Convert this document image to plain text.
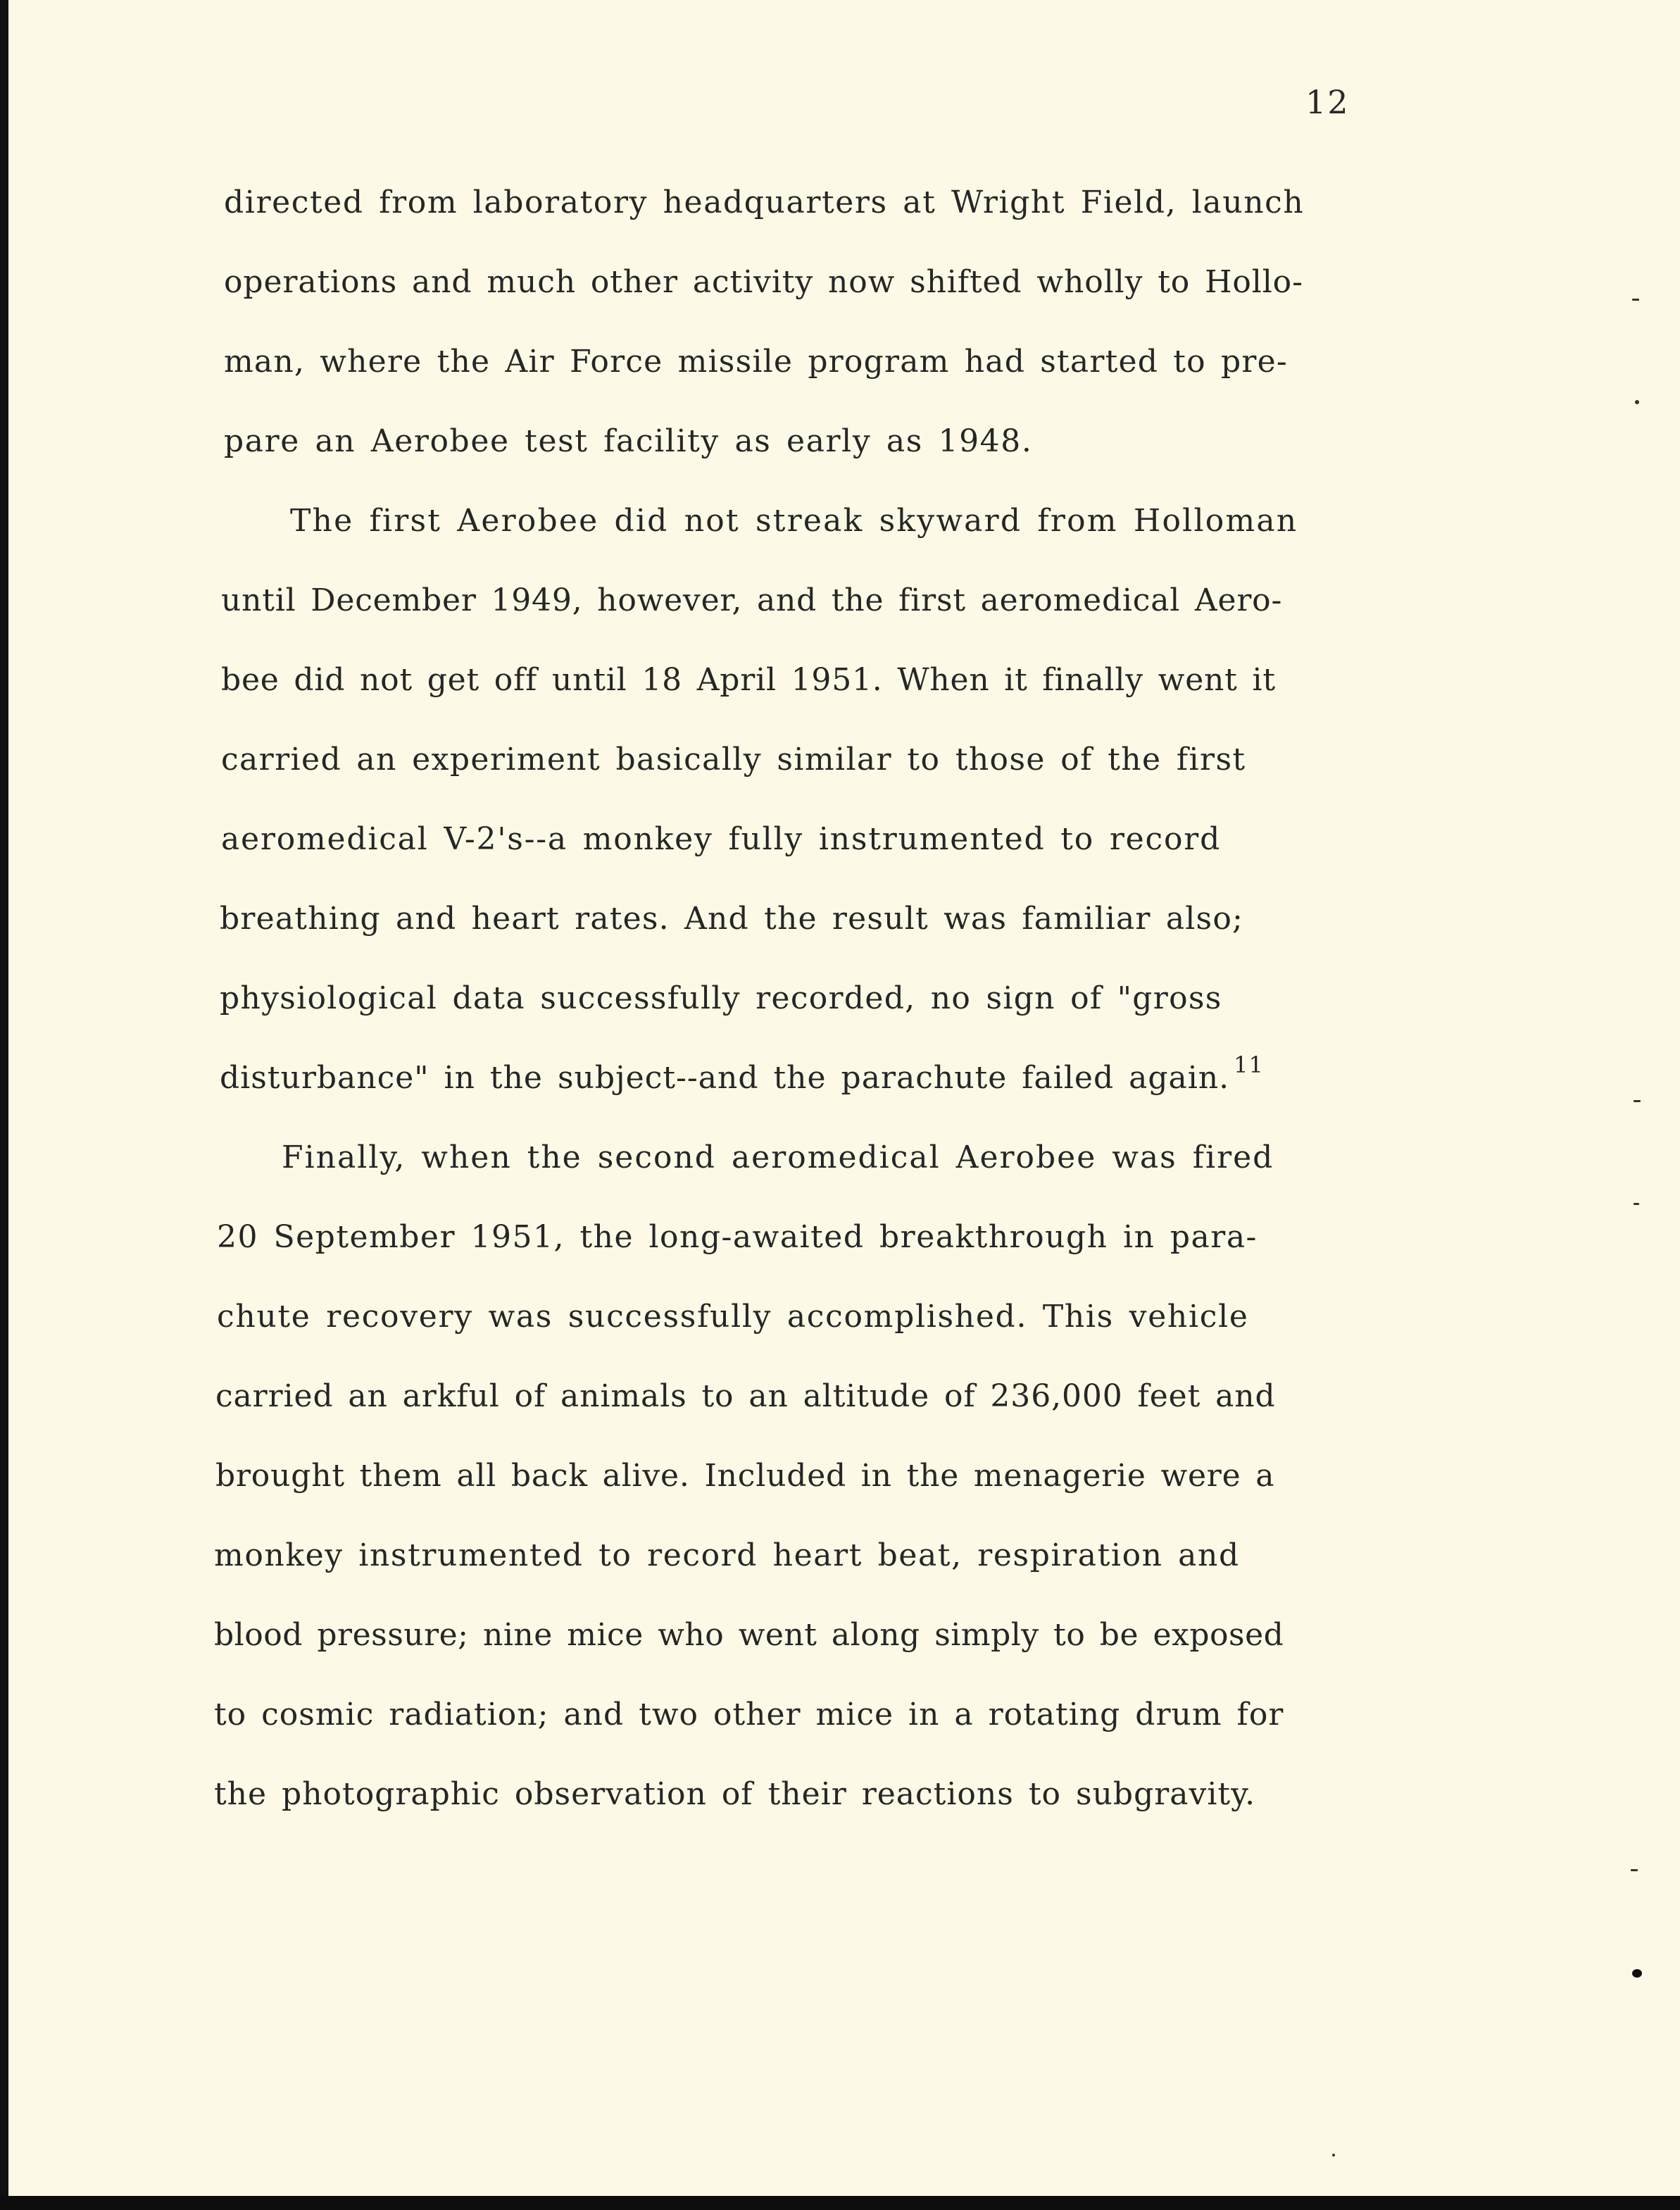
12
directed from laboratory headquarters at Wright Field, launch
operations and much other activity now shifted wholly to Hollo-
man, where the Air Force missile program had started to pre-
pare an Aerobee test facility as early as 1948.
The first Aerobee did not streak skyward from Holloman
until December 1949, however, and the first aeromedical Aero-
bee did not get off until 18 April 1951. When it finally went it
carried an experiment basically similar to those of the first
aeromedical V-2's--a monkey fully instrumented to record
breathing and heart rates. And the result was familiar also;
physiological data successfully recorded, no sign of "gross
disturbance" in the subject--and the parachute failed again. $^{11}$
Finally, when the second aeromedical Aerobee was fired
20 September 1951, the long-awaited breakthrough in para-
chute recovery was successfully accomplished. This vehicle
carried an arkful of animals to an altitude of 236,000 feet and
brought them all back alive. Included in the menagerie were a
monkey instrumented to record heart beat, respiration and
blood pressure; nine mice who went along simply to be exposed
to cosmic radiation; and two other mice in a rotating drum for
the photographic observation of their reactions to subgravity.
